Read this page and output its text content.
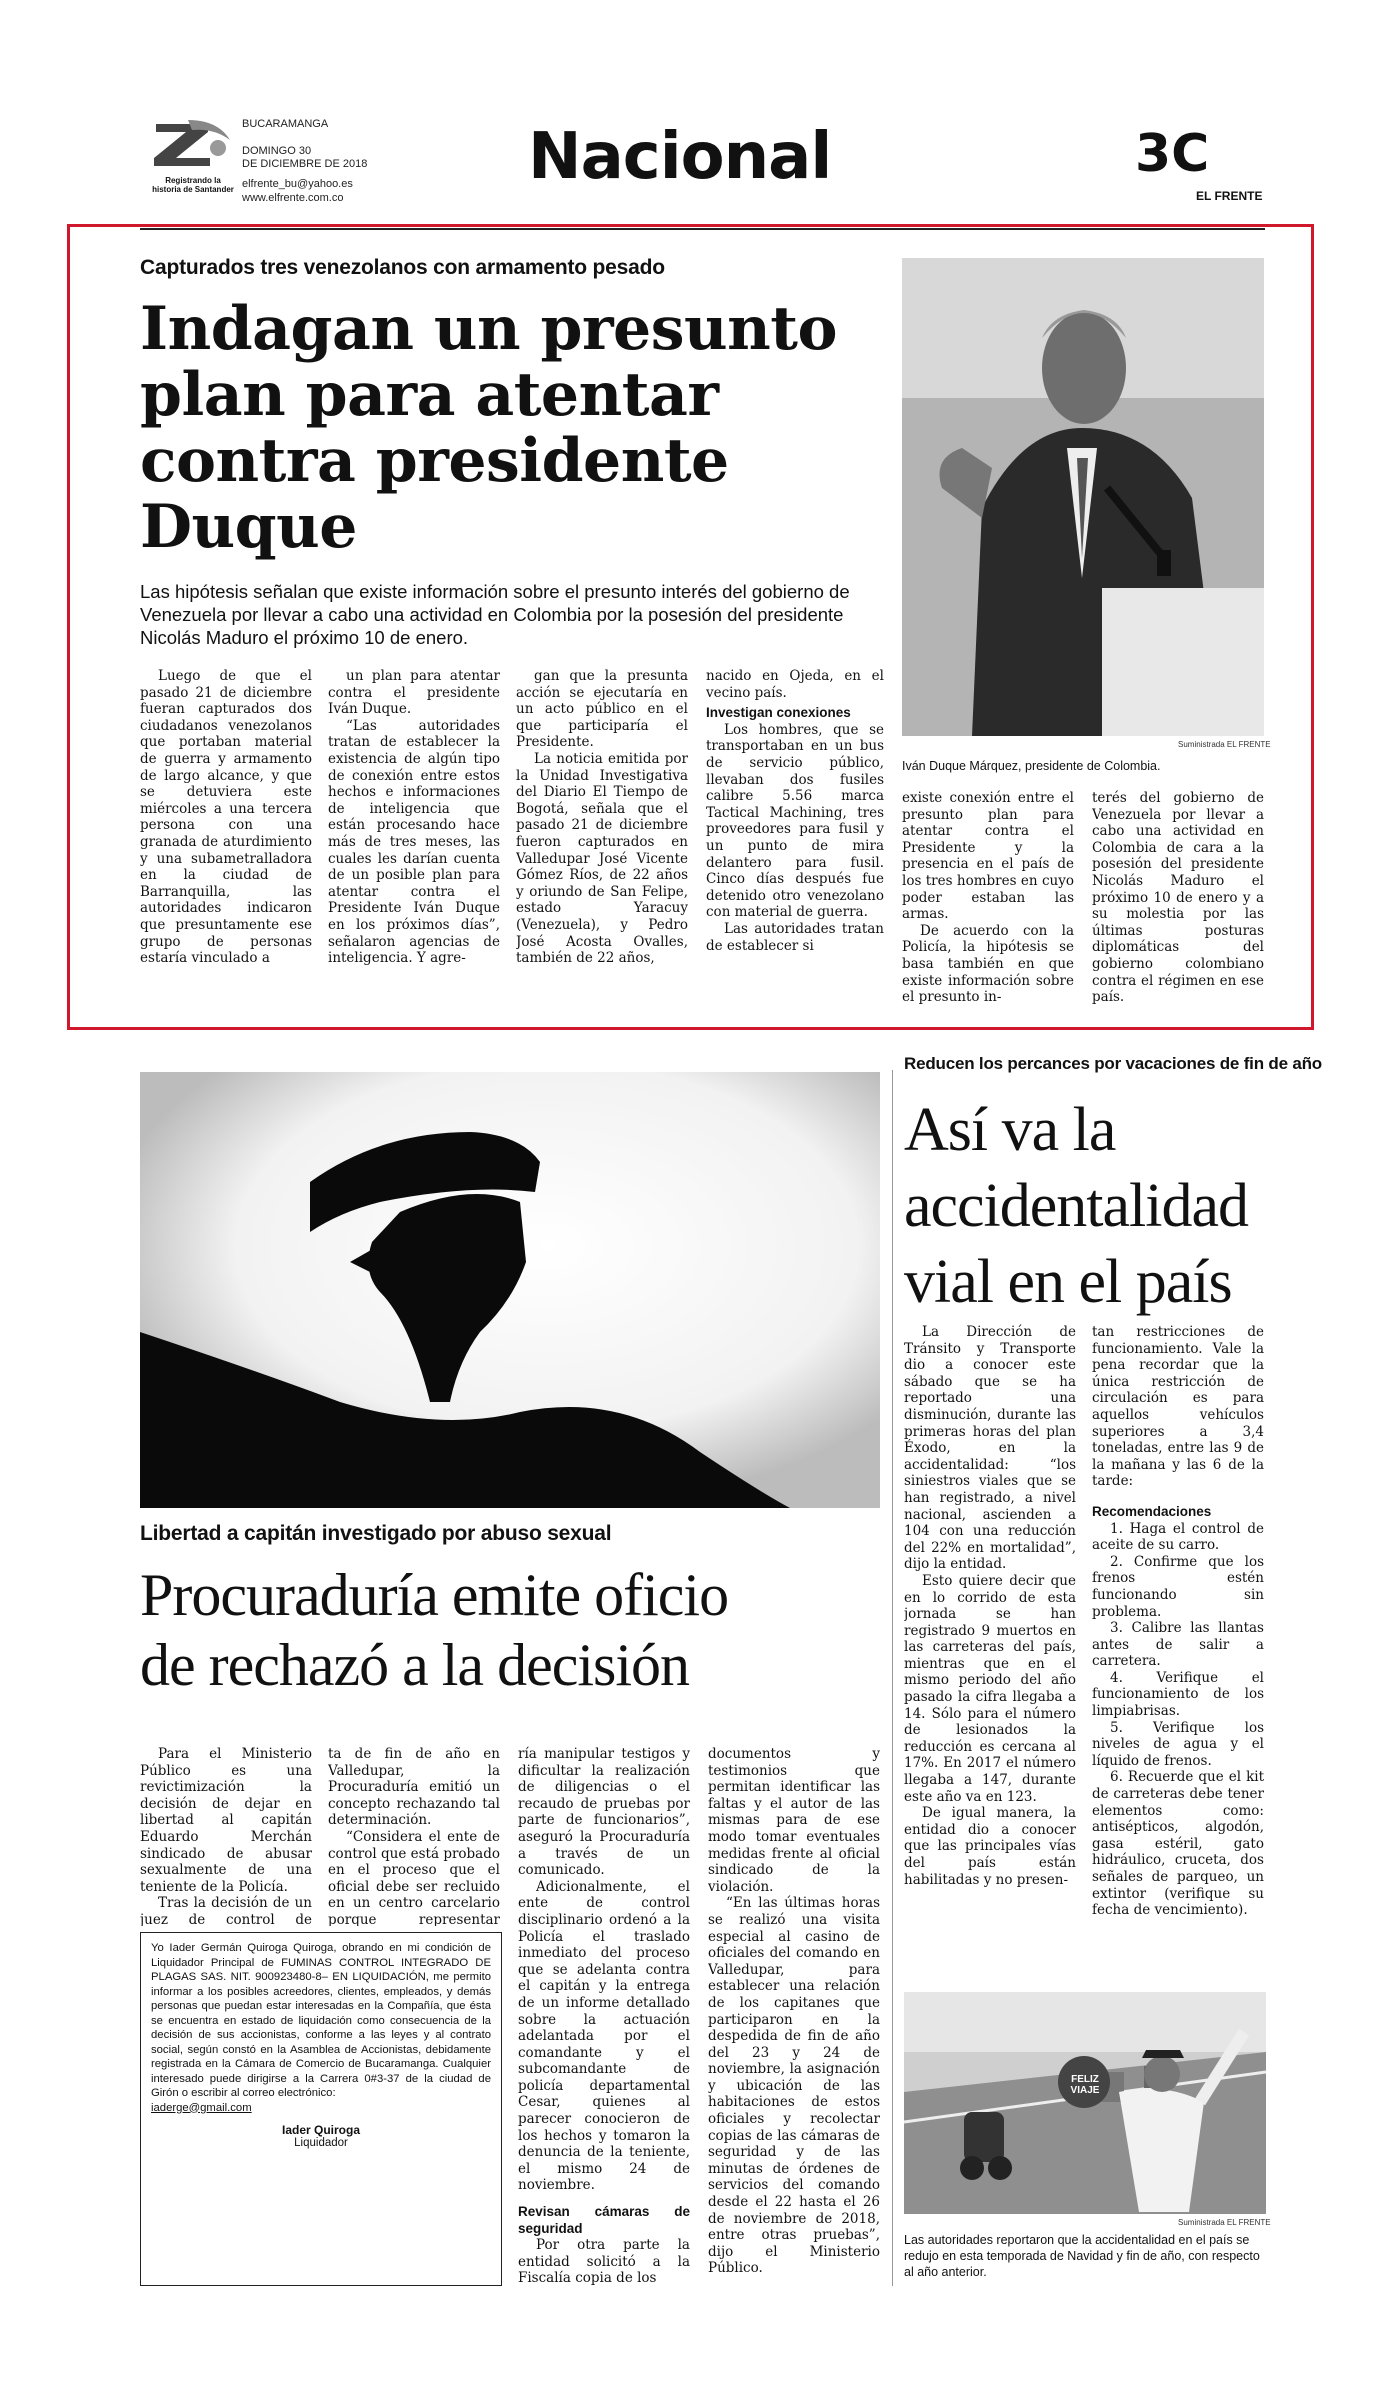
Registrando la historia de Santander
BUCARAMANGA
DOMINGO 30
DE DICIEMBRE DE 2018
elfrente_bu@yahoo.es
www.elfrente.com.co
Nacional	3C
EL FRENTE
Capturados tres venezolanos con armamento pesado
Indagan un presunto
plan para atentar
contra presidente Duque
Las hipótesis señalan que existe información sobre el presunto interés del gobierno de Venezuela por llevar a cabo una actividad en Colombia por la posesión del presidente Nicolás Maduro el próximo 10 de enero.
Suministrada EL FRENTE
Iván Duque Márquez, presidente de Colombia.

Luego de que el pasado 21 de diciembre fueran capturados dos ciudadanos venezolanos que portaban material de guerra y armamento de largo alcance, y que se detuviera este miércoles a una tercera persona con una granada de aturdimiento y una subametralladora en la ciudad de Barranquilla, las autoridades indicaron que presuntamente ese grupo de personas estaría vinculado a

un plan para atentar contra el presidente Iván Duque.

“Las autoridades tratan de establecer la existencia de algún tipo de conexión entre estos hechos e informaciones de inteligencia que están procesando hace más de tres meses, las cuales les darían cuenta de un posible plan para atentar contra el Presidente Iván Duque en los próximos días”, señalaron agencias de inteligencia. Y agre-

gan que la presunta acción se ejecutaría en un acto público en el que participaría el Presidente.

La noticia emitida por la Unidad Investigativa del Diario El Tiempo de Bogotá, señala que el pasado 21 de diciembre fueron capturados en Valledupar José Vicente Gómez Ríos, de 22 años y oriundo de San Felipe, estado Yaracuy (Venezuela), y Pedro José Acosta Ovalles, también de 22 años,

nacido en Ojeda, en el vecino país.

Investigan conexiones

Los hombres, que se transportaban en un bus de servicio público, llevaban dos fusiles calibre 5.56 marca Tactical Machining, tres proveedores para fusil y un punto de mira delantero para fusil. Cinco días después fue detenido otro venezolano con material de guerra.

Las autoridades tratan de establecer si

existe conexión entre el presunto plan para atentar contra el Presidente y la presencia en el país de los tres hombres en cuyo poder estaban las armas.

De acuerdo con la Policía, la hipótesis se basa también en que existe información sobre el presunto in-

terés del gobierno de Venezuela por llevar a cabo una actividad en Colombia de cara a la posesión del presidente Nicolás Maduro el próximo 10 de enero y a su molestia por las últimas posturas diplomáticas del gobierno colombiano contra el régimen en ese país.

Libertad a capitán investigado por abuso sexual
Procuraduría emite oficio
de rechazó a la decisión

Para el Ministerio Público es una revictimización la decisión de dejar en libertad al capitán Eduardo Merchán sindicado de abusar sexualmente de una teniente de la Policía.

Tras la decisión de un juez de control de

ta de fin de año en Valledupar, la Procuraduría emitió un concepto rechazando tal determinación.

“Considera el ente de control que está probado en el proceso que el oficial debe ser recluido en un centro carcelario porque representar

ría manipular testigos y dificultar la realización de diligencias o el recaudo de pruebas por parte de funcionarios”, aseguró la Procuraduría a través de un comunicado.

Adicionalmente, el ente de control disciplinario ordenó a la Policía el traslado inmediato del proceso que se adelanta contra el capitán y la entrega de un informe detallado sobre la actuación adelantada por el comandante y el subcomandante de policía departamental Cesar, quienes al parecer conocieron de los hechos y tomaron la denuncia de la teniente, el mismo 24 de noviembre.

Revisan cámaras de seguridad

Por otra parte la entidad solicitó a la Fiscalía copia de los

documentos y testimonios que permitan identificar las faltas y el autor de las mismas para de ese modo tomar eventuales medidas frente al oficial sindicado de la violación.

“En las últimas horas se realizó una visita especial al casino de oficiales del comando en Valledupar, para establecer una relación de los capitanes que participaron en la despedida de fin de año del 23 y 24 de noviembre, la asignación y ubicación de las habitaciones de estos oficiales y recolectar copias de las cámaras de seguridad y de las minutas de órdenes de servicios del comando desde el 22 hasta el 26 de noviembre de 2018, entre otras pruebas”, dijo el Ministerio Público.

Yo Iader Germán Quiroga Quiroga, obrando en mi condición de Liquidador Principal de FUMINAS CONTROL INTEGRADO DE PLAGAS SAS. NIT. 900923480-8– EN LIQUIDACIÓN, me permito informar a los posibles acreedores, clientes, empleados, y demás personas que puedan estar interesadas en la Compañía, que ésta se encuentra en estado de liquidación como consecuencia de la decisión de sus accionistas, conforme a las leyes y al contrato social, según constó en la Asamblea de Accionistas, debidamente registrada en la Cámara de Comercio de Bucaramanga. Cualquier interesado puede dirigirse a la Carrera 0#3-37 de la ciudad de Girón o escribir al correo electrónico:
iaderge@gmail.com
Iader Quiroga
Liquidador
Reducen los percances por vacaciones de fin de año
Así va la
accidentalidad
vial en el país

La Dirección de Tránsito y Transporte dio a conocer este sábado que se ha reportado una disminución, durante las primeras horas del plan Éxodo, en la accidentalidad: “los siniestros viales que se han registrado, a nivel nacional, ascienden a 104 con una reducción del 22% en mortalidad”, dijo la entidad.

Esto quiere decir que en lo corrido de esta jornada se han registrado 9 muertos en las carreteras del país, mientras que en el mismo periodo del año pasado la cifra llegaba a 14. Sólo para el número de lesionados la reducción es cercana al 17%. En 2017 el número llegaba a 147, durante este año va en 123.

De igual manera, la entidad dio a conocer que las principales vías del país están habilitadas y no presen-

tan restricciones de funcionamiento. Vale la pena recordar que la única restricción de circulación es para aquellos vehículos superiores a 3,4 toneladas, entre las 9 de la mañana y las 6 de la tarde:

Recomendaciones

1. Haga el control de aceite de su carro.

2. Confirme que los frenos estén funcionando sin problema.

3. Calibre las llantas antes de salir a carretera.

4. Verifique el funcionamiento de los limpiabrisas.

5. Verifique los niveles de agua y el líquido de frenos.

6. Recuerde que el kit de carreteras debe tener elementos como: antisépticos, algodón, gasa estéril, gato hidráulico, cruceta, dos señales de parqueo, un extintor (verifique su fecha de vencimiento).

FELIZ VIAJE
Suministrada EL FRENTE
Las autoridades reportaron que la accidentalidad en el país se redujo en esta temporada de Navidad y fin de año, con respecto al año anterior.
